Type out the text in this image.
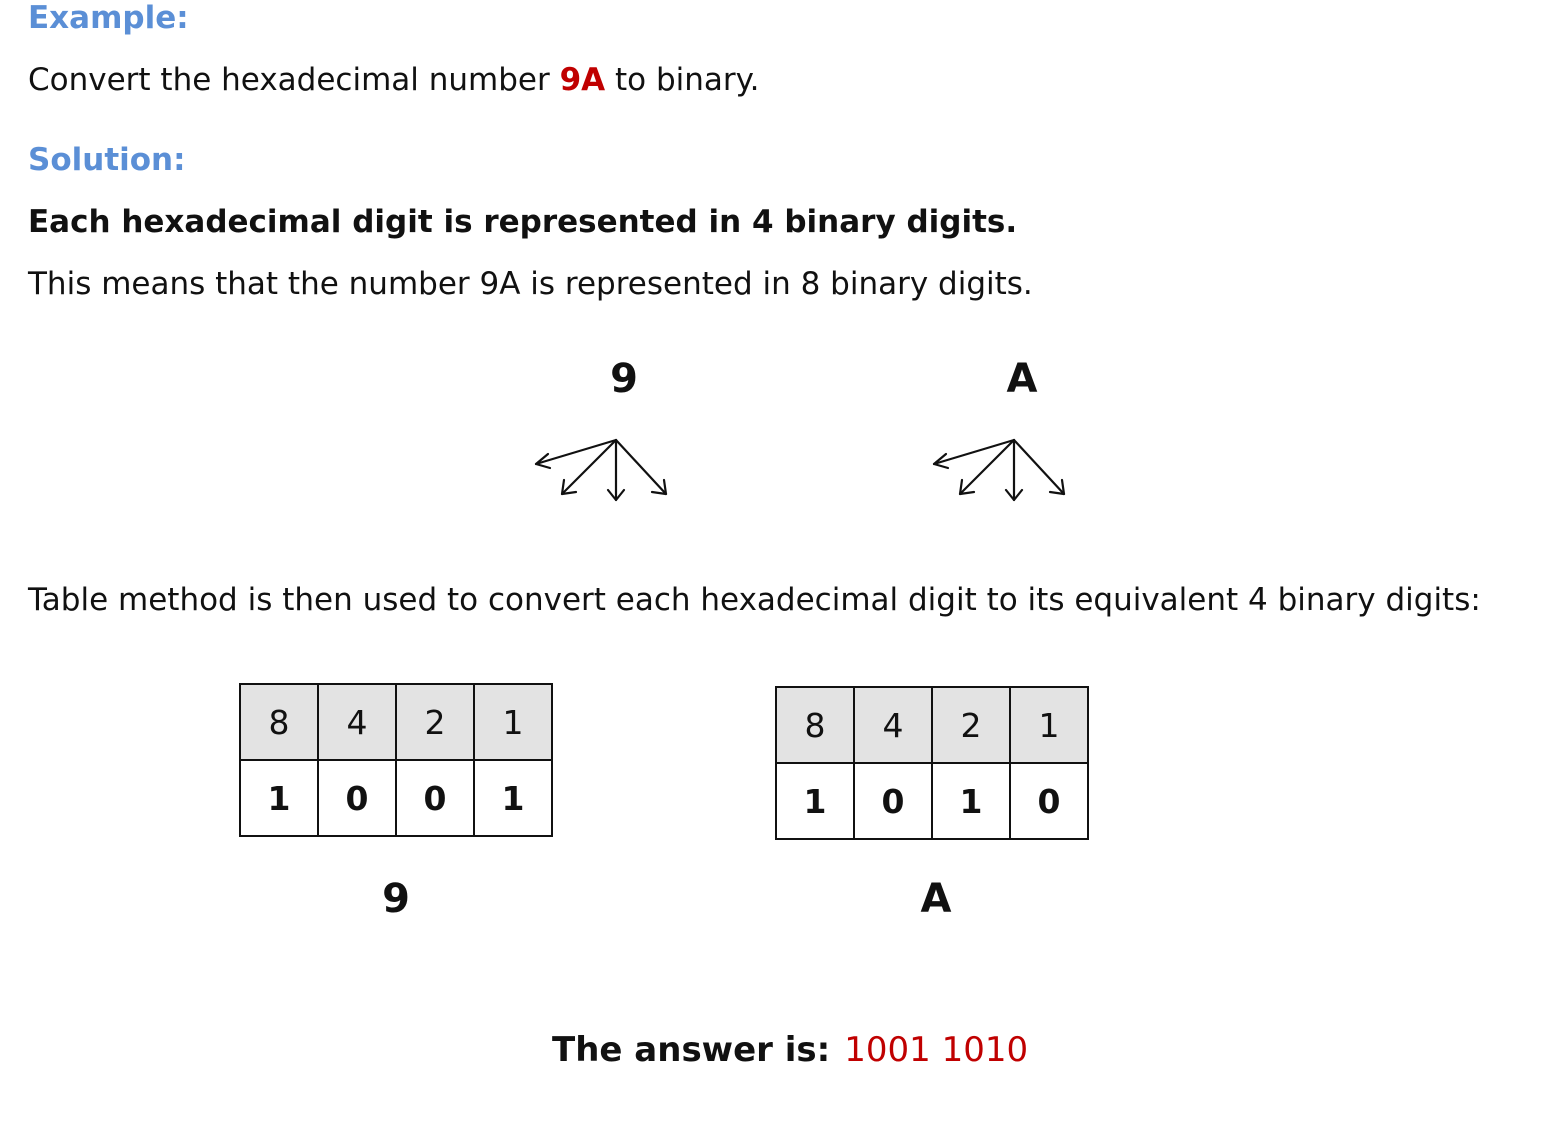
Example:
Convert the hexadecimal number 9A to binary.
Solution:
Each hexadecimal digit is represented in 4 binary digits.
This means that the number 9A is represented in 8 binary digits.
9	A
Table method is then used to convert each hexadecimal digit to its equivalent 4 binary digits:
8	4	2	1
1	0	0	1
9
8	4	2	1
1	0	1	0
A
The answer is: 1001 1010
